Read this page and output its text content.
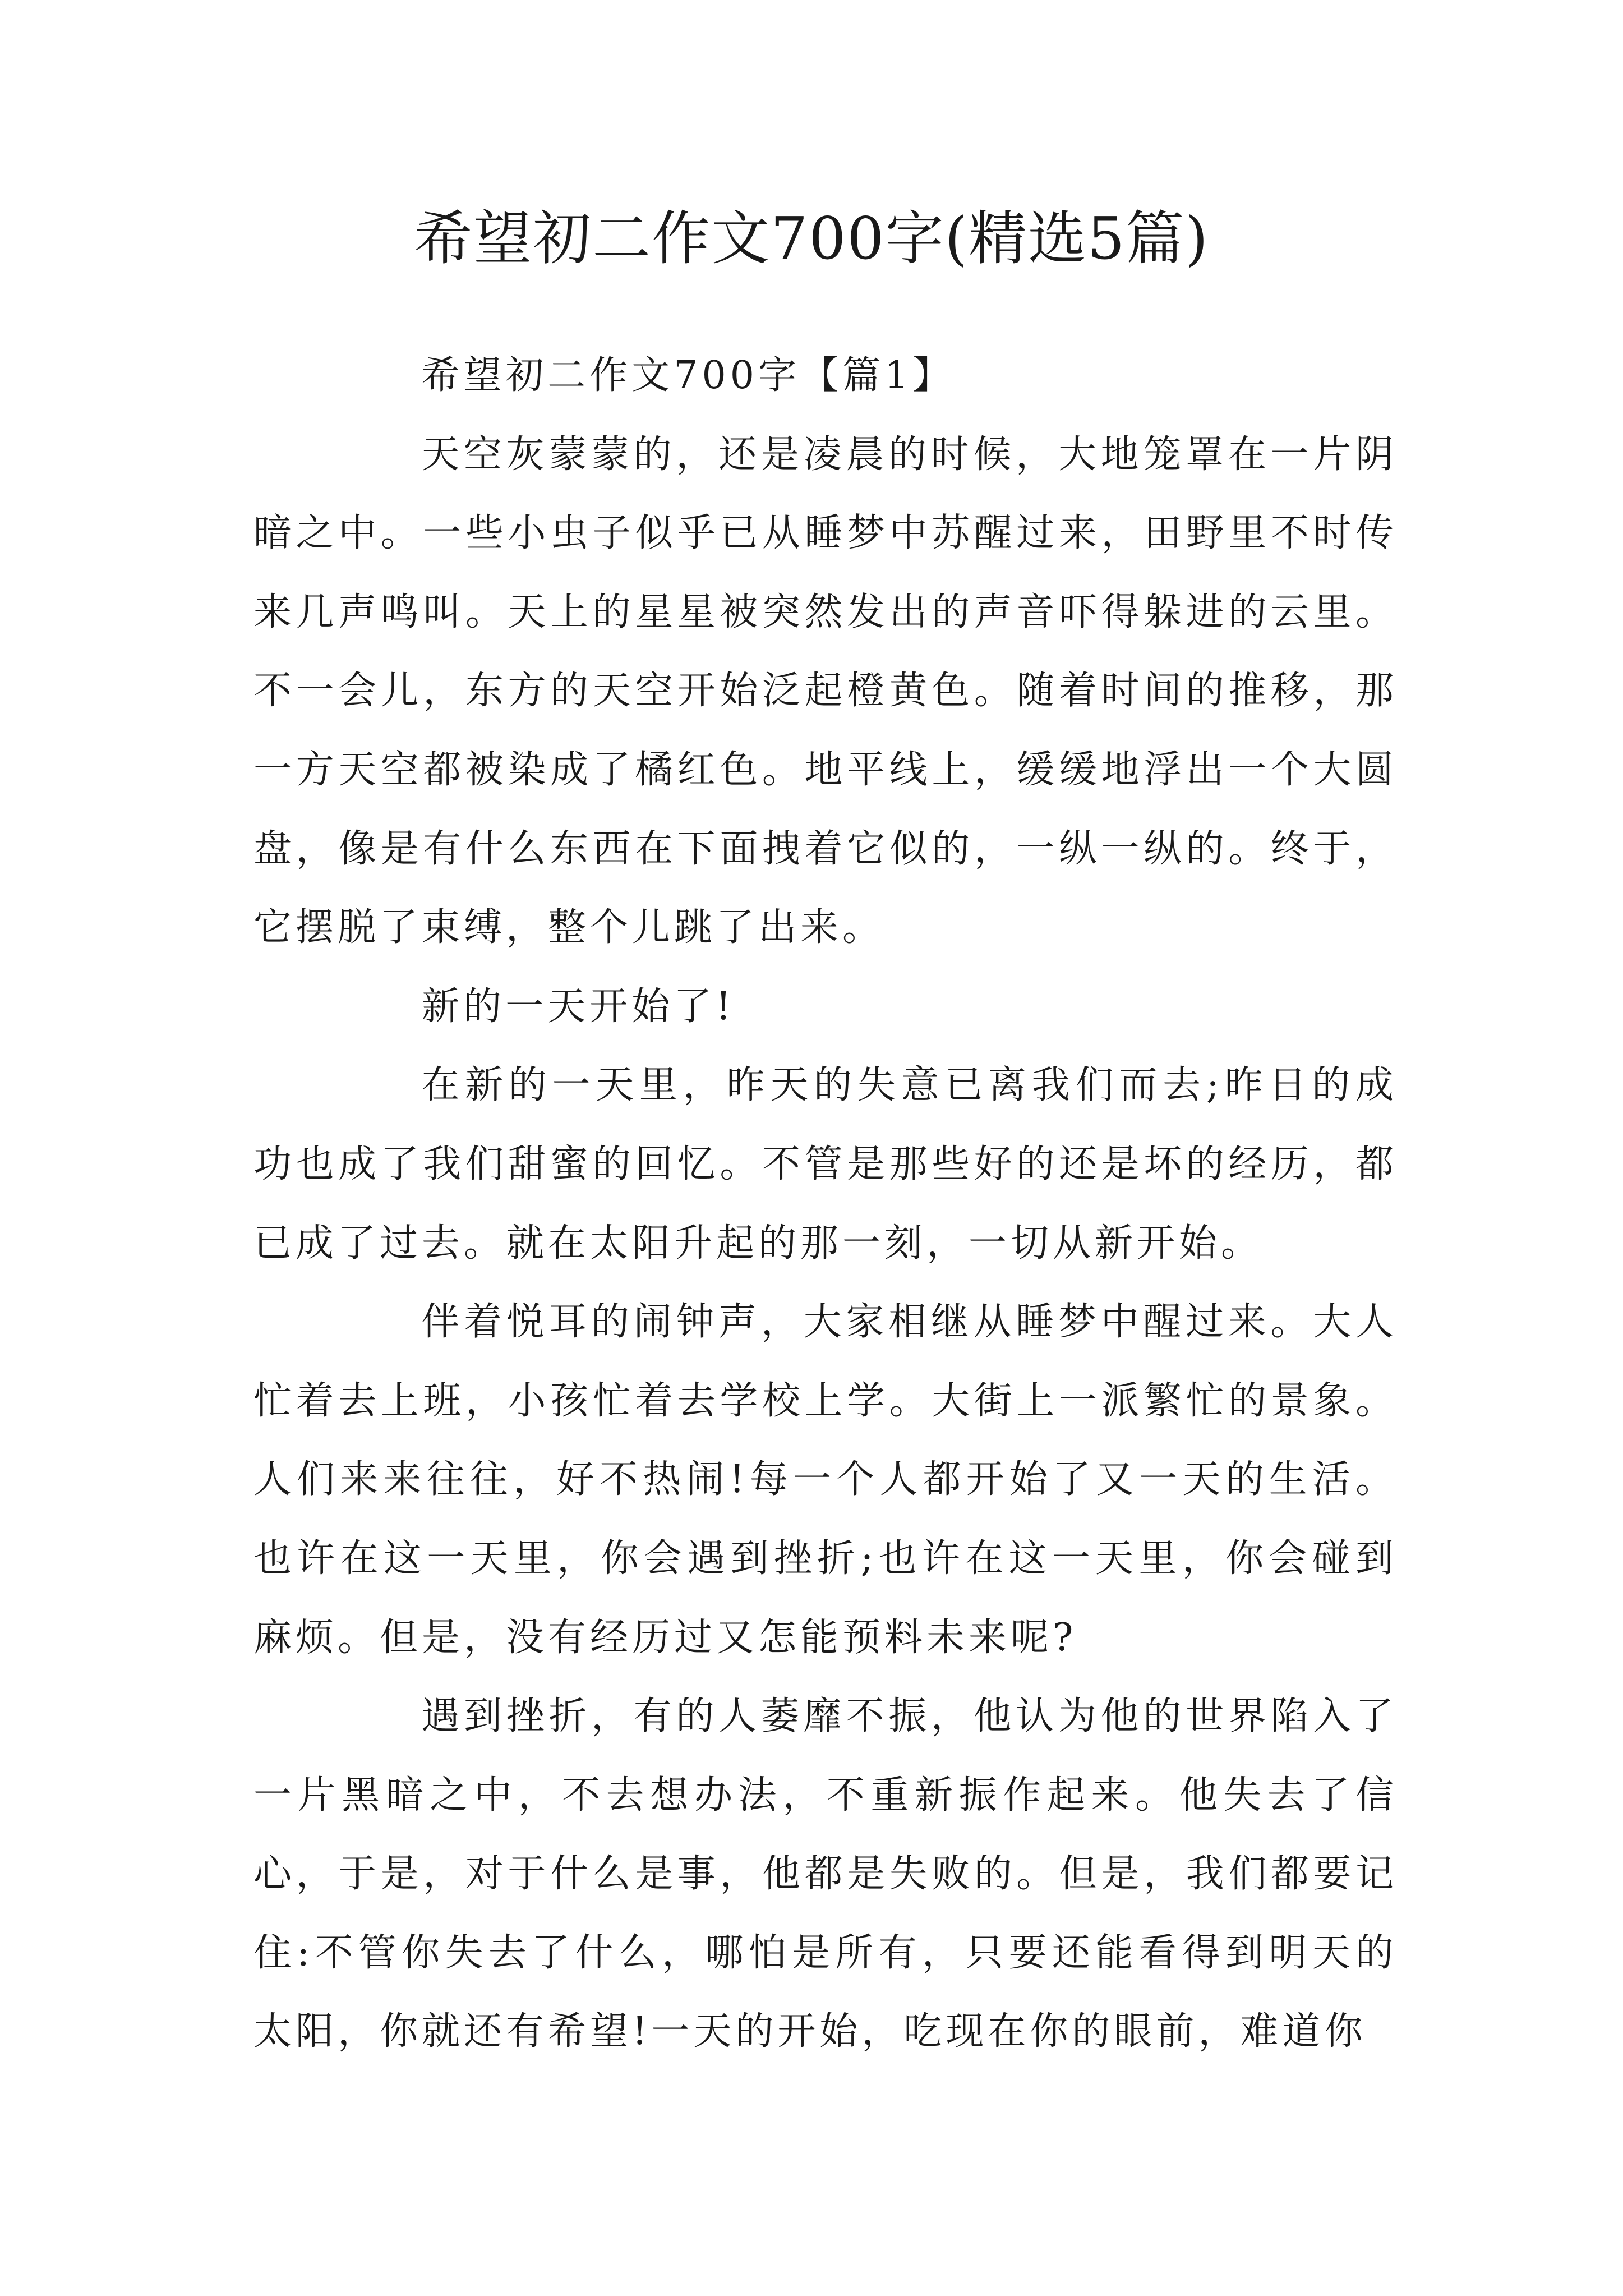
希望初二作文700字(精选5篇)

希望初二作文700字【篇1】

天空灰蒙蒙的，还是凌晨的时候，大地笼罩在一片阴暗之中。一些小虫子似乎已从睡梦中苏醒过来，田野里不时传来几声鸣叫。天上的星星被突然发出的声音吓得躲进的云里。不一会儿，东方的天空开始泛起橙黄色。随着时间的推移，那一方天空都被染成了橘红色。地平线上，缓缓地浮出一个大圆盘，像是有什么东西在下面拽着它似的，一纵一纵的。终于，它摆脱了束缚，整个儿跳了出来。

新的一天开始了!

在新的一天里，昨天的失意已离我们而去;昨日的成功也成了我们甜蜜的回忆。不管是那些好的还是坏的经历，都已成了过去。就在太阳升起的那一刻，一切从新开始。

伴着悦耳的闹钟声，大家相继从睡梦中醒过来。大人忙着去上班，小孩忙着去学校上学。大街上一派繁忙的景象。人们来来往往，好不热闹!每一个人都开始了又一天的生活。也许在这一天里，你会遇到挫折;也许在这一天里，你会碰到麻烦。但是，没有经历过又怎能预料未来呢?

遇到挫折，有的人萎靡不振，他认为他的世界陷入了一片黑暗之中，不去想办法，不重新振作起来。他失去了信心，于是，对于什么是事，他都是失败的。但是，我们都要记住:不管你失去了什么，哪怕是所有，只要还能看得到明天的太阳，你就还有希望!一天的开始，吃现在你的眼前，难道你
